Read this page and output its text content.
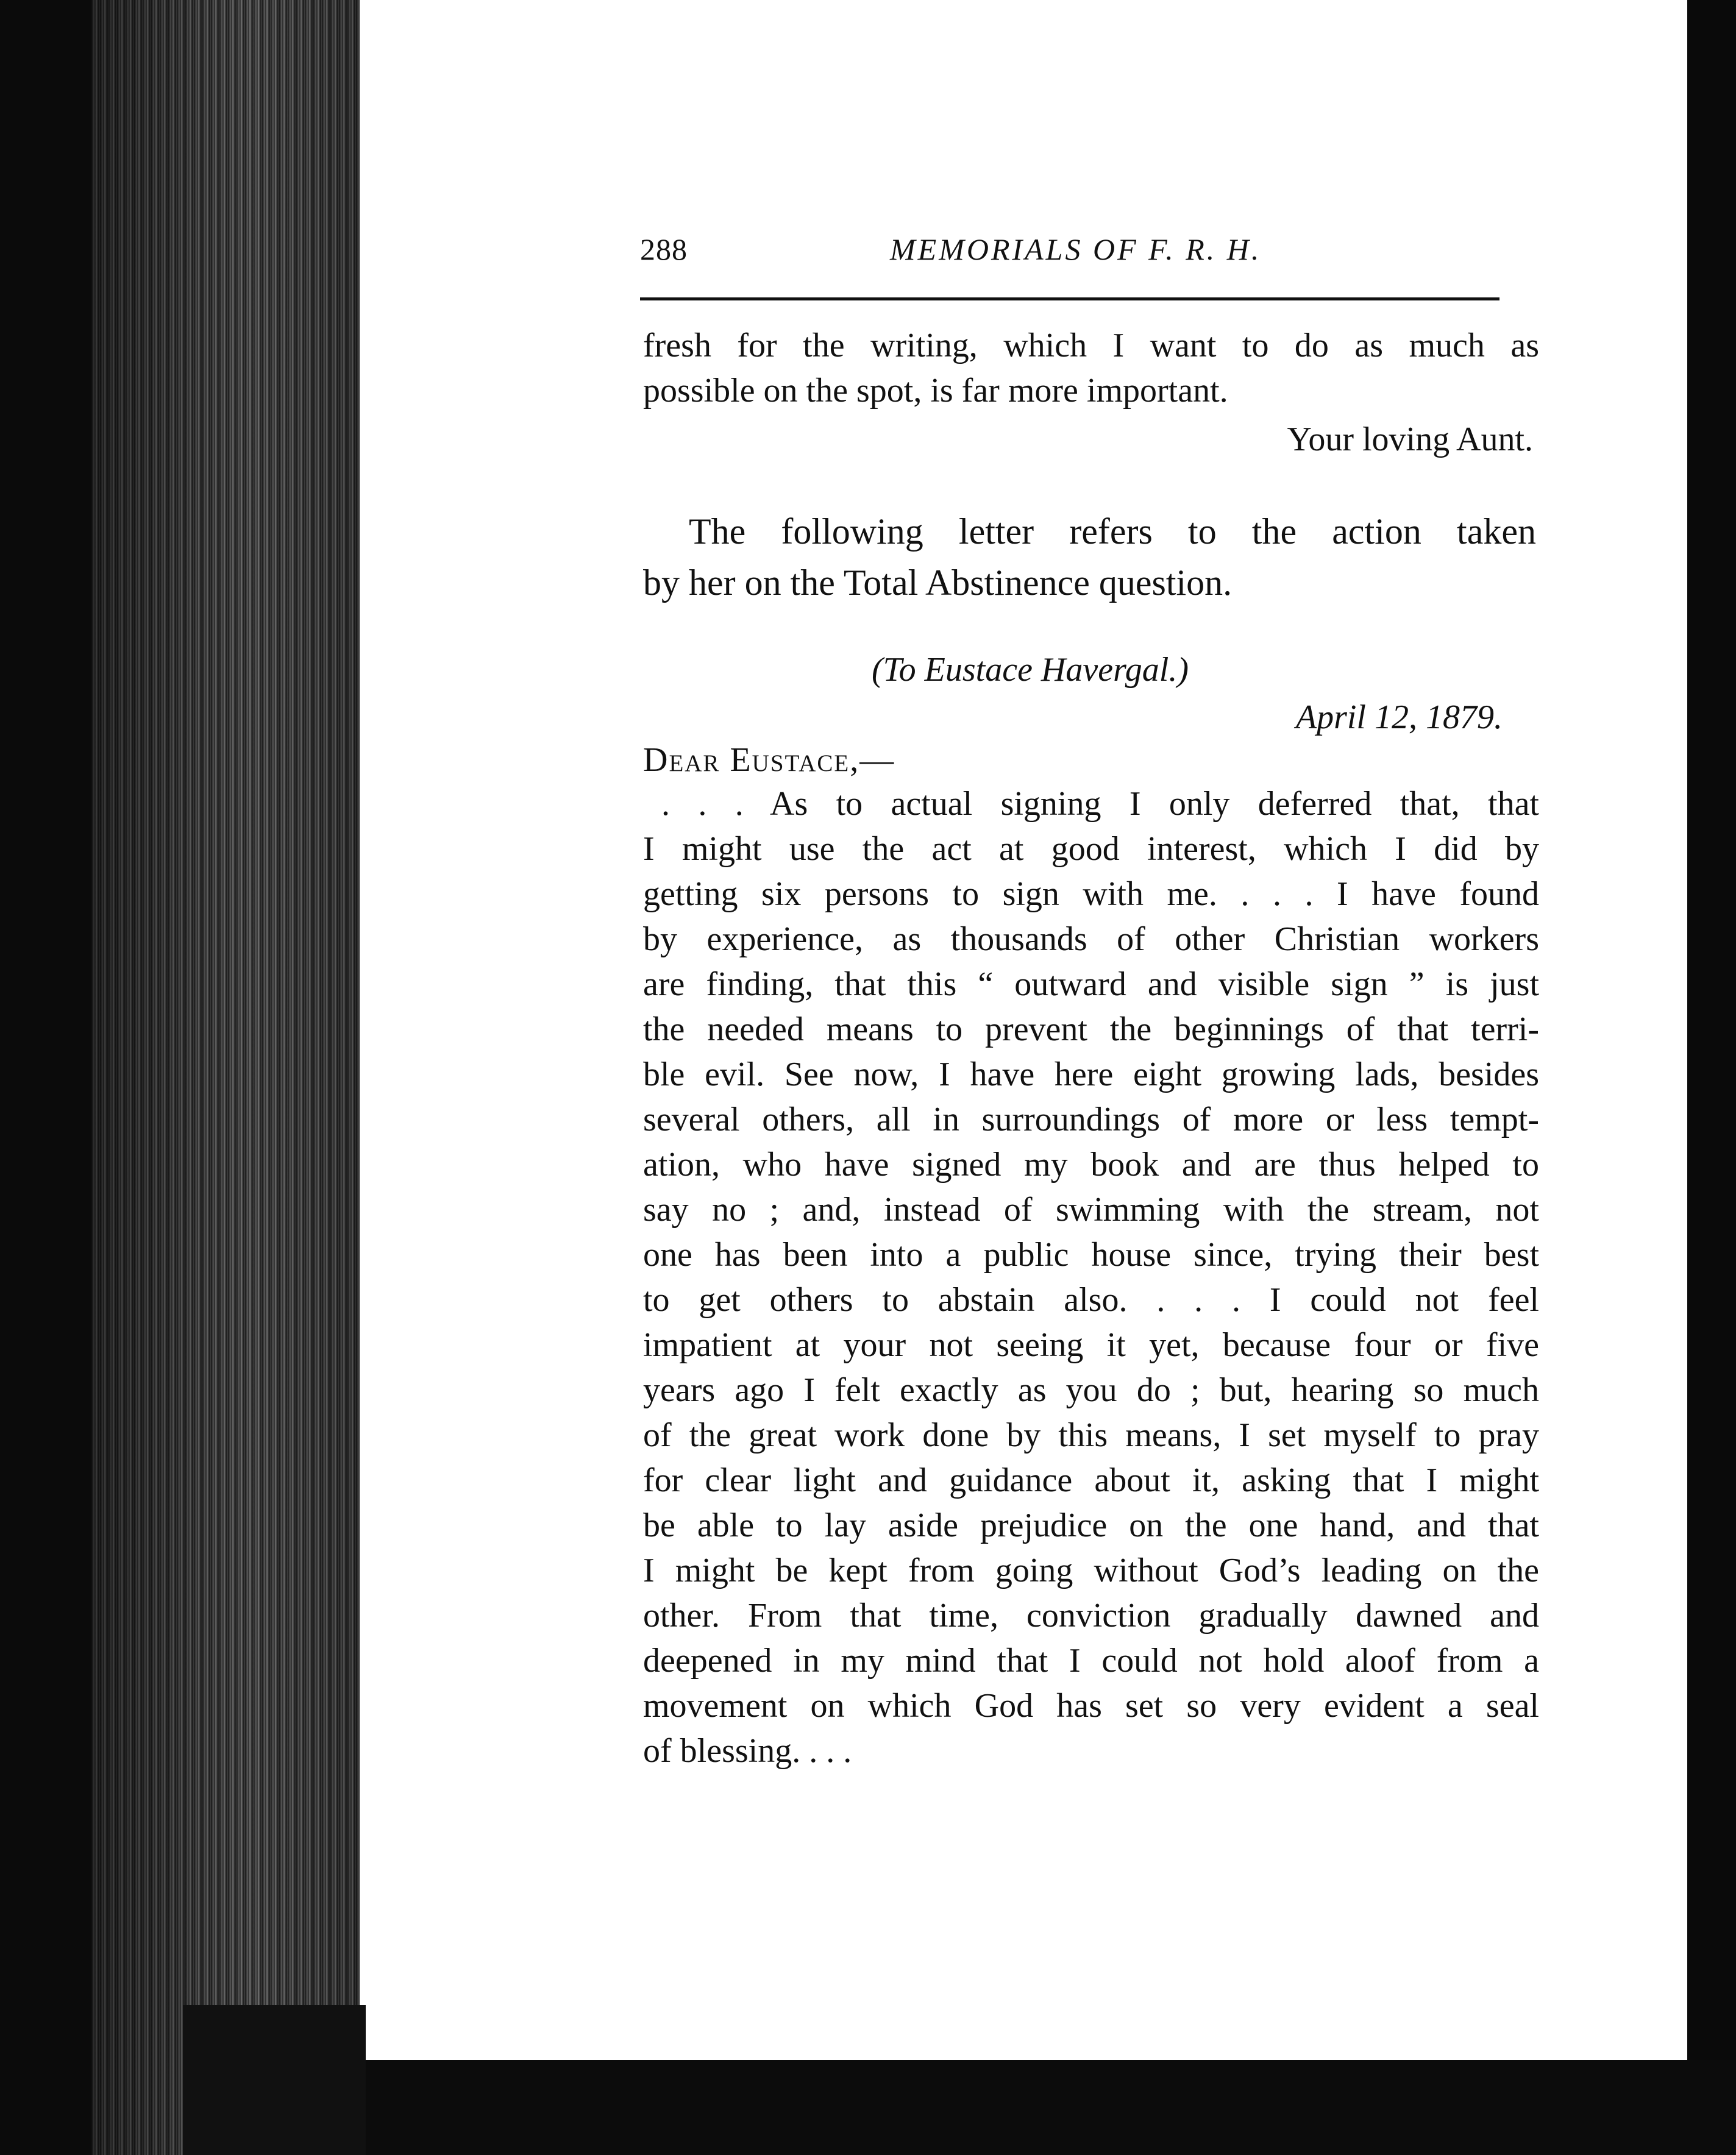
288	MEMORIALS OF F. R. H.
fresh for the writing, which I want to do as much as
possible on the spot, is far more important.
Your loving Aunt.
The following letter refers to the action taken
by her on the Total Abstinence question.
(To Eustace Havergal.)
April 12, 1879.
Dear Eustace,—
. . . As to actual signing I only deferred that, that
I might use the act at good interest, which I did by
getting six persons to sign with me. . . . I have found
by experience, as thousands of other Christian workers
are finding, that this “ outward and visible sign ” is just
the needed means to prevent the beginnings of that terri-
ble evil. See now, I have here eight growing lads, besides
several others, all in surroundings of more or less tempt-
ation, who have signed my book and are thus helped to
say no ; and, instead of swimming with the stream, not
one has been into a public house since, trying their best
to get others to abstain also. . . . I could not feel
impatient at your not seeing it yet, because four or five
years ago I felt exactly as you do ; but, hearing so much
of the great work done by this means, I set myself to pray
for clear light and guidance about it, asking that I might
be able to lay aside prejudice on the one hand, and that
I might be kept from going without God’s leading on the
other. From that time, conviction gradually dawned and
deepened in my mind that I could not hold aloof from a
movement on which God has set so very evident a seal
of blessing. . . .
